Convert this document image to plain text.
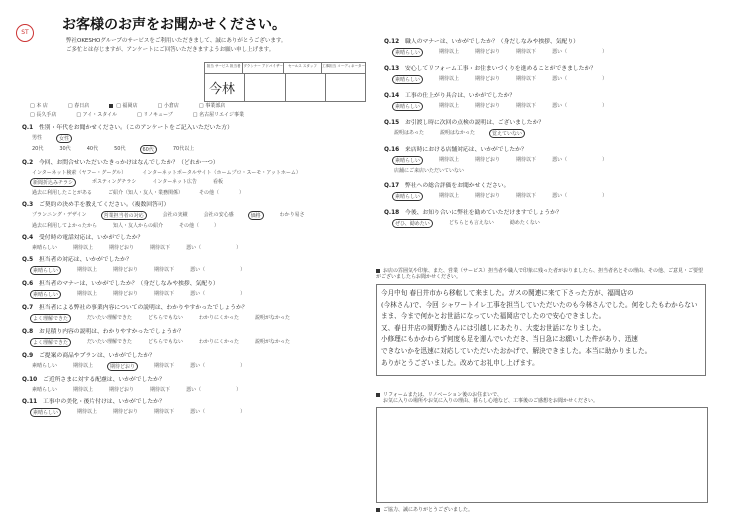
ST	お客様のお声をお聞かせください。
弊社OKESHOグループのサービスをご利用いただきまして、誠にありがとうございます。
ご多忙とは存じますが、アンケートにご回答いただきますようお願い申し上げます。
担当 サービス 担当者 プランナー アドバイザー	セールス スタッフ	工事担当 コーディネーター
今林
□ 本 店	□ 春日店	□ 福岡店	□ 小倉店	□ 事業部店
□ 長久手店	□ アイ・スタイル	□ リノキューブ	□ 名古屋リエイジ事業
Q.1 性別・年代をお聞かせください。（このアンケートをご記入いただいた方）
男性	女性
20代	30代	40代	50代	60代	70代以上
Q.2 今回、お問合せいただいたきっかけはなんでしたか？（どれか一つ）
インターネット検索（ヤフー・グーグル）	インターネットポータルサイト（ホームプロ・スーモ・アットホーム）
新聞折込みチラシ	ポスティングチラシ	インターネット広告	看板
過去に利用したことがある	ご紹介（知人・友人・業務関係）	その他（　　　　）
Q.3 ご契約の決め手を教えてください。（複数回答可）
プランニング・デザイン	営業担当者の対応	会社の実績	会社の安心感	価格	わかり易さ
過去に利用してよかったから	知人・友人からの紹介	その他（　　　）
Q.4 受付時の電話対応は、いかがでしたか？
素晴らしい	期待以上	期待どおり	期待以下	悪い（　　　　　　　）
Q.5 担当者の対応は、いかがでしたか？
素晴らしい	期待以上	期待どおり	期待以下	悪い（　　　　　　　）
Q.6 担当者のマナーは、いかがでしたか？（身だしなみや挨拶、気配り）
素晴らしい	期待以上	期待どおり	期待以下	悪い（　　　　　　　）
Q.7 担当者による弊社の事業内容についての説明は、わかりやすかったでしょうか？
よく理解できた	だいたい理解できた	どちらでもない	わかりにくかった	説明がなかった
Q.8 お見積り内容の説明は、わかりやすかったでしょうか？
よく理解できた	だいたい理解できた	どちらでもない	わかりにくかった	説明がなかった
Q.9 ご提案の商品やプランは、いかがでしたか？
素晴らしい	期待以上	期待どおり	期待以下	悪い（　　　　　　　）
Q.10 ご近所さまに対する配慮は、いかがでしたか？
素晴らしい	期待以上	期待どおり	期待以下	悪い（　　　　　　　）
Q.11 工事中の美化・後片付けは、いかがでしたか？
素晴らしい	期待以上	期待どおり	期待以下	悪い（　　　　　　　）
Q.12 職人のマナーは、いかがでしたか？（身だしなみや挨拶、気配り）
素晴らしい	期待以上	期待どおり	期待以下	悪い（　　　　　　　）
Q.13 安心してリフォーム工事・お住まいづくりを進めることができましたか？
素晴らしい	期待以上	期待どおり	期待以下	悪い（　　　　　　　）
Q.14 工事の仕上がり具合は、いかがでしたか？
素晴らしい	期待以上	期待どおり	期待以下	悪い（　　　　　　　）
Q.15 お引渡し時に次回の点検の説明は、ございましたか？
説明はあった	説明はなかった	覚えていない
Q.16 来店時における店舗対応は、いかがでしたか？
素晴らしい	期待以上	期待どおり	期待以下	悪い（　　　　　　　）
店舗にご来店いただいていない
Q.17 弊社への総合評価をお聞かせください。
素晴らしい	期待以上	期待どおり	期待以下	悪い（　　　　　　　）
Q.18 今後、お知り合いに弊社を勧めていただけますでしょうか？
ぜひ、勧めたい	どちらとも言えない	勧めたくない
お店の雰囲気や印象、また、営業（サービス）担当者や職人で印象に残った者がおりましたら、担当者名とその理由、その他、ご意見・ご要望がございましたらお聞かせください。
今月中旬 春日井市から移転して来ました。ガスの関連に来て下さった方が、福岡店の
(今林さん)で、今回 シャワートイレ工事を担当していただいたのも今林さんでした。何をしたもわからない
まま、今まで何かとお世話になっていた福岡店でしたので安心できました。
又、春日井店の岡野勤さんには引越しにあたり、大変お世話になりました。
小修理にもかかわらず何度も足を運んでいただき、当日急にお願いした件があり、迅速
できないかを迅速に対応していただいたおかげで、解決できました。本当に助かりました。
ありがとうございました。改めてお礼申し上げます。
リフォームまたは、リノベーション後のお住まいで、
お気に入りの場所やお気に入りの理由、暮らし心地など、工事後のご感想をお聞かせください。
ご協力、誠にありがとうございました。
